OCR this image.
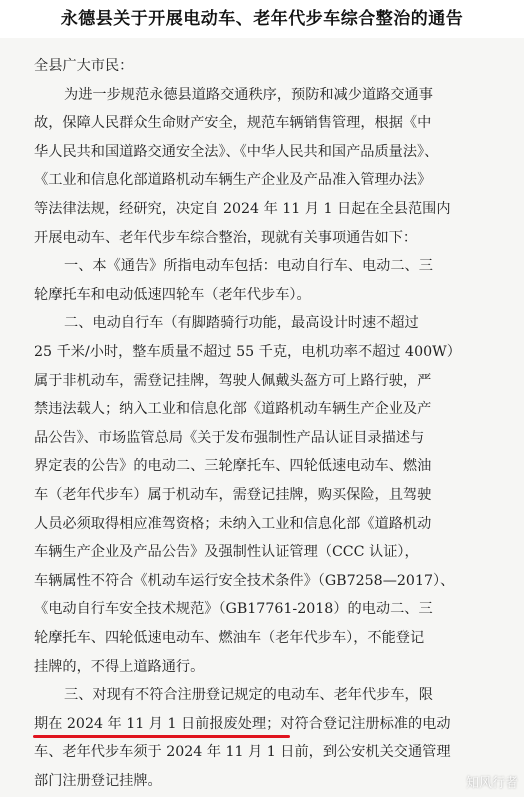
永德县关于开展电动车、老年代步车综合整治的通告
全县广大市民：
为进一步规范永德县道路交通秩序，预防和减少道路交通事
故，保障人民群众生命财产安全，规范车辆销售管理，根据《中
华人民共和国道路交通安全法》、《中华人民共和国产品质量法》、
《工业和信息化部道路机动车辆生产企业及产品准入管理办法》
等法律法规，经研究，决定自 2024 年 11 月 1 日起在全县范围内
开展电动车、老年代步车综合整治，现就有关事项通告如下：
一、本《通告》所指电动车包括：电动自行车、电动二、三
轮摩托车和电动低速四轮车（老年代步车）。
二、电动自行车（有脚踏骑行功能，最高设计时速不超过
25 千米/小时，整车质量不超过 55 千克，电机功率不超过 400W）
属于非机动车，需登记挂牌，驾驶人佩戴头盔方可上路行驶，严
禁违法载人；纳入工业和信息化部《道路机动车辆生产企业及产
品公告》、市场监管总局《关于发布强制性产品认证目录描述与
界定表的公告》的电动二、三轮摩托车、四轮低速电动车、燃油
车（老年代步车）属于机动车，需登记挂牌，购买保险，且驾驶
人员必须取得相应准驾资格；未纳入工业和信息化部《道路机动
车辆生产企业及产品公告》及强制性认证管理（CCC 认证），
车辆属性不符合《机动车运行安全技术条件》（GB7258—2017）、
《电动自行车安全技术规范》（GB17761-2018）的电动二、三
轮摩托车、四轮低速电动车、燃油车（老年代步车），不能登记
挂牌的，不得上道路通行。
三、对现有不符合注册登记规定的电动车、老年代步车，限
期在 2024 年 11 月 1 日前报废处理；对符合登记注册标准的电动
车、老年代步车须于 2024 年 11 月 1 日前，到公安机关交通管理
部门注册登记挂牌。	知风行者
